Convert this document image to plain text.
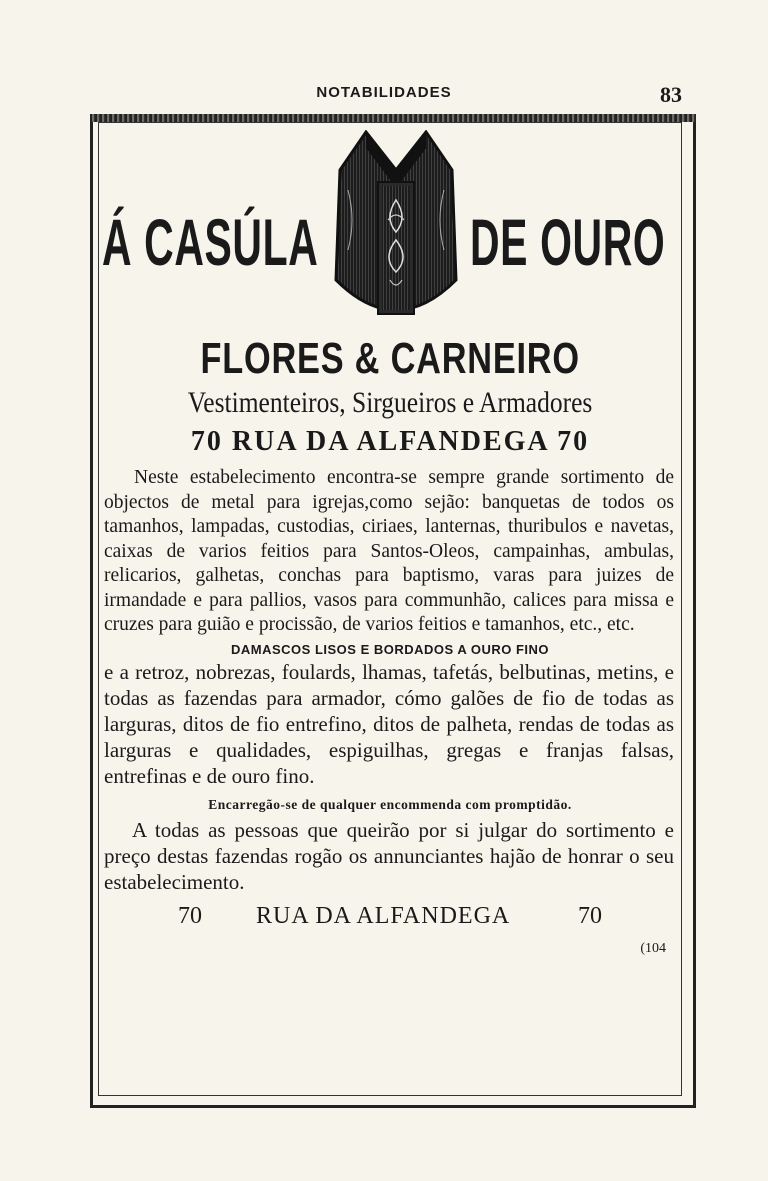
NOTABILIDADES	83
Á CASÚLA DE OURO
FLORES & CARNEIRO
Vestimenteiros, Sirgueiros e Armadores
70 RUA DA ALFANDEGA 70

Neste estabelecimento encontra-se sempre grande sortimento de objectos de metal para igrejas,como sejão: banquetas de todos os tamanhos, lampadas, custodias, ciriaes, lanternas, thuribulos e navetas, caixas de varios feitios para Santos-Oleos, campainhas, ambulas, relicarios, galhetas, conchas para baptismo, varas para juizes de irmandade e para pallios, vasos para communhão, calices para missa e cruzes para guião e procissão, de varios feitios e tamanhos, etc., etc.

DAMASCOS LISOS E BORDADOS A OURO FINO

e a retroz, nobrezas, foulards, lhamas, tafetás, belbutinas, metins, e todas as fazendas para armador, cómo galões de fio de todas as larguras, ditos de fio entrefino, ditos de palheta, rendas de todas as larguras e qualidades, espiguilhas, gregas e franjas falsas, entrefinas e de ouro fino.

Encarregão-se de qualquer encommenda com promptidão.

A todas as pessoas que queirão por si julgar do sortimento e preço destas fazendas rogão os annunciantes hajão de honrar o seu estabelecimento.

70 RUA DA ALFANDEGA	70
(104
